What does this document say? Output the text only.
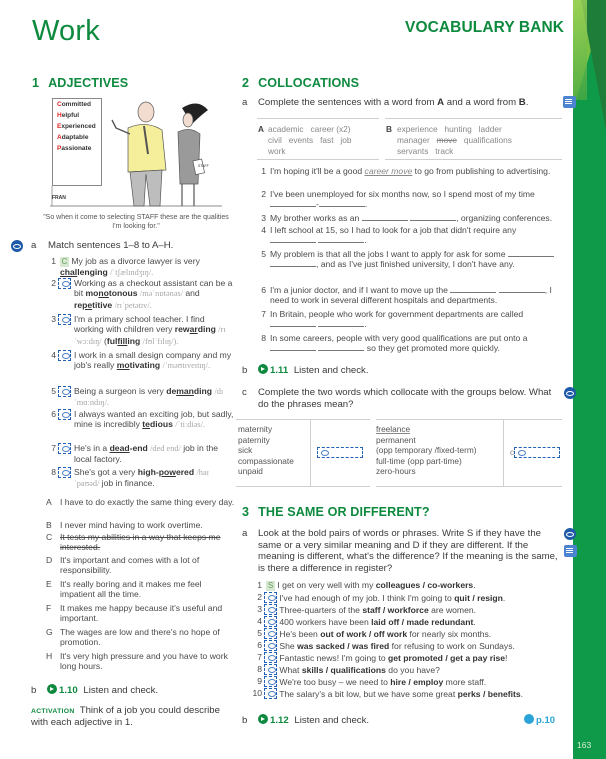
Work	VOCABULARY BANK
163
1 ADJECTIVES
Committed
Helpful
Experienced
Adaptable
Passionate
STAFF
FRAN
"So when it come to selecting STAFF these are the qualities I'm looking for."
a Match sentences 1–8 to A–H.
1 C My job as a divorce lawyer is very challenging /ˈtʃælɪndʒɪŋ/.
2 Working as a checkout assistant can be a bit monotonous /məˈnɒtənəs/ and repetitive /rɪˈpetətɪv/.
3 I'm a primary school teacher. I find working with children very rewarding /rɪˈwɔːdɪŋ/ (fulfilling /fʊlˈfɪlɪŋ/).
4 I work in a small design company and my job's really motivating /ˈməʊtɪveɪtɪŋ/.
5 Being a surgeon is very demanding /dɪˈmɑːndɪŋ/.
6 I always wanted an exciting job, but sadly, mine is incredibly tedious /ˈtiːdiəs/.
7 He's in a dead-end /ded end/ job in the local factory.
8 She's got a very high-powered /haɪ ˈpaʊəd/ job in finance.
A I have to do exactly the same thing every day.
B I never mind having to work overtime.
C It tests my abilities in a way that keeps me interested.
D It's important and comes with a lot of responsibility.
E It's really boring and it makes me feel impatient all the time.
F	It makes me happy because it's useful and important.
G The wages are low and there's no hope of promotion.
H It's very high pressure and you have to work long hours.
b 1.10 Listen and check.
ACTIVATION Think of a job you could describe with each adjective in 1.
2 COLLOCATIONS
a Complete the sentences with a word from A and a word from B.
A academic career (x2)
civil events fast job
work
B experience hunting ladder
manager move qualifications
servants track
1 I'm hoping it'll be a good career move to go from publishing to advertising.
2 I've been unemployed for six months now, so I spend most of my time -	.
3 My brother works as an	, organizing conferences.
4 I left school at 15, so I had to look for a job that didn't require any  .
5 My problem is that all the jobs I want to apply for ask for some  , and as I've just finished university, I don't have any.
6 I'm a junior doctor, and if I want to move up the	, I need to work in several different hospitals and departments.
7 In Britain, people who work for government departments are called  .
8 In some careers, people with very good qualifications are put onto a   so they get promoted more quickly.
b 1.11 Listen and check.
c Complete the two words which collocate with the groups below. What do the phrases mean?
maternity
paternity
sick
compassionate
unpaid
freelance
permanent
(opp temporary /fixed-term)
full-time (opp part-time)
zero-hours
c
3 THE SAME OR DIFFERENT?
a Look at the bold pairs of words or phrases. Write S if they have the same or a very similar meaning and D if they are different. If the meaning is different, what's the difference? If the meaning is the same, is there a difference in register?
1 S I get on very well with my colleagues / co-workers.
2 I've had enough of my job. I think I'm going to quit / resign.
3 Three-quarters of the staff / workforce are women.
4 400 workers have been laid off / made redundant.
5 He's been out of work / off work for nearly six months.
6 She was sacked / was fired for refusing to work on Sundays.
7 Fantastic news! I'm going to get promoted / get a pay rise!
8 What skills / qualifications do you have?
9 We're too busy – we need to hire / employ more staff.
10 The salary's a bit low, but we have some great perks / benefits.
b 1.12 Listen and check.	p.10
